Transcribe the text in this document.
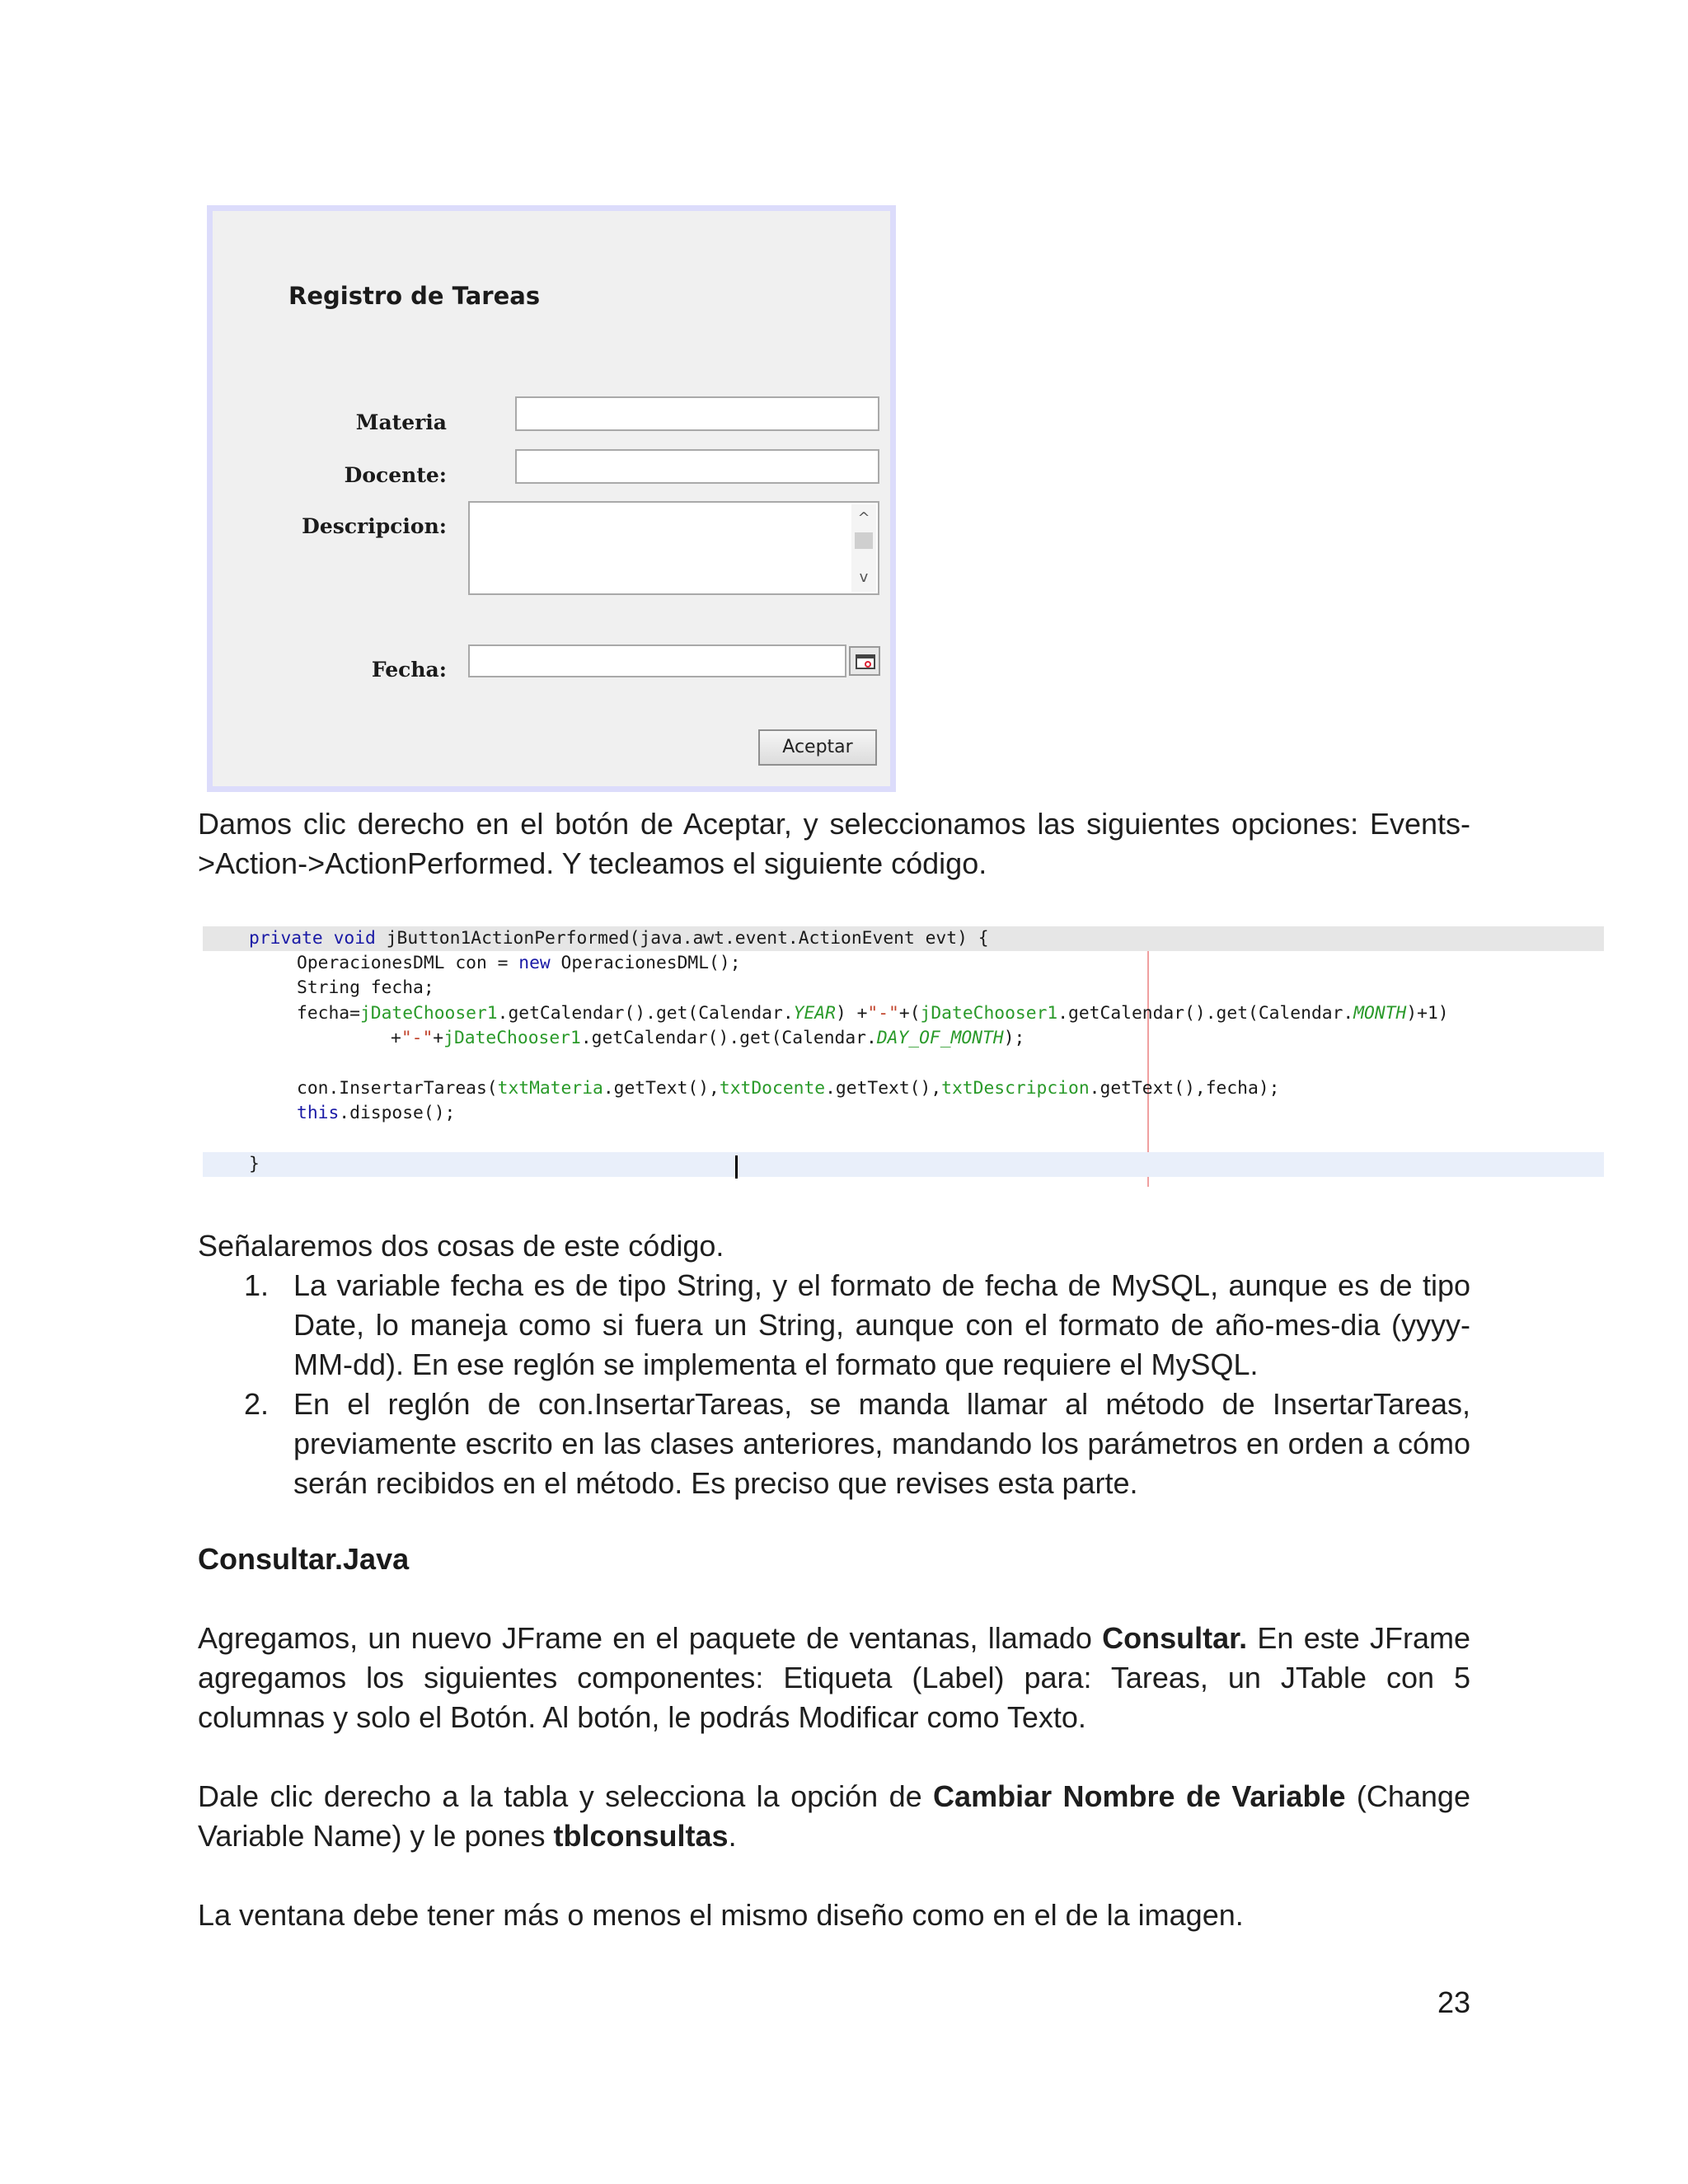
Registro de Tareas
Materia
Docente:
Descripcion:	^
v
Fecha:
Aceptar
Damos clic derecho en el botón de Aceptar, y seleccionamos las siguientes opciones: Events->Action->ActionPerformed. Y tecleamos el siguiente código.
private void jButton1ActionPerformed(java.awt.event.ActionEvent evt) {
OperacionesDML con = new OperacionesDML();
String fecha;
fecha=jDateChooser1.getCalendar().get(Calendar.YEAR) +"-"+(jDateChooser1.getCalendar().get(Calendar.MONTH)+1)
+"-"+jDateChooser1.getCalendar().get(Calendar.DAY_OF_MONTH);
con.InsertarTareas(txtMateria.getText(),txtDocente.getText(),txtDescripcion.getText(),fecha);
this.dispose();
}
Señalaremos dos cosas de este código.
1. La variable fecha es de tipo String, y el formato de fecha de MySQL, aunque es de tipo Date, lo maneja como si fuera un String, aunque con el formato de año-mes-dia (yyyy-MM-dd). En ese reglón se implementa el formato que requiere el MySQL.
2. En el reglón de con.InsertarTareas, se manda llamar al método de InsertarTareas, previamente escrito en las clases anteriores, mandando los parámetros en orden a cómo serán recibidos en el método. Es preciso que revises esta parte.
Consultar.Java
Agregamos, un nuevo JFrame en el paquete de ventanas, llamado Consultar. En este JFrame agregamos los siguientes componentes: Etiqueta (Label) para: Tareas, un JTable con 5 columnas y solo el Botón. Al botón, le podrás Modificar como Texto.
Dale clic derecho a la tabla y selecciona la opción de Cambiar Nombre de Variable (Change Variable Name) y le pones tblconsultas.
La ventana debe tener más o menos el mismo diseño como en el de la imagen.
23
